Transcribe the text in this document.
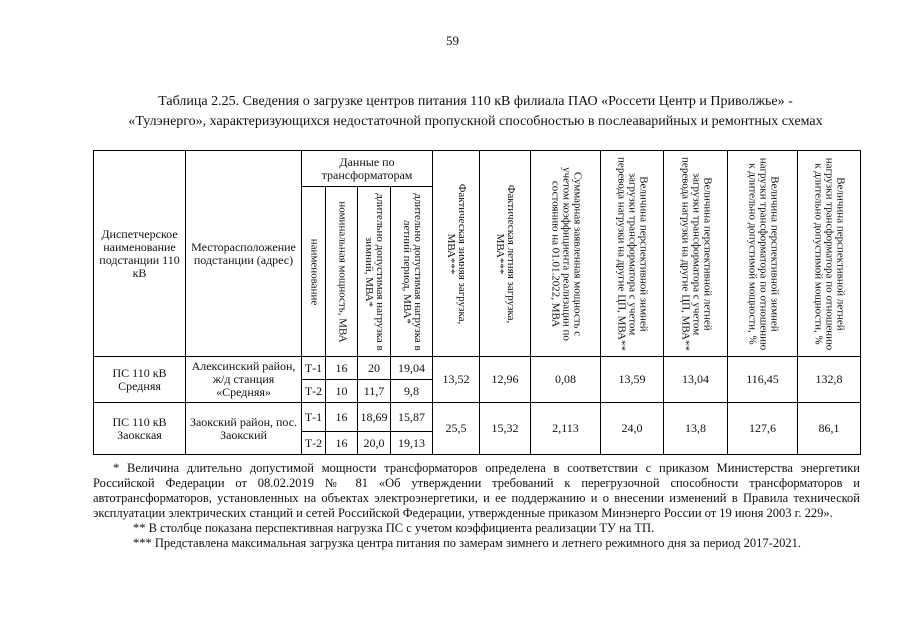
59
Таблица 2.25. Сведения о загрузке центров питания 110 кВ филиала ПАО «Россети Центр и Приволжье» -
«Тулэнерго», характеризующихся недостаточной пропускной способностью в послеаварийных и ремонтных схемах
Диспетчерское наименование подстанции 110 кВ	Месторасположение подстанции (адрес)	Данные по трансформаторам				Фактическая зимняя загрузка, МВА***	Фактическая летняя загрузка, МВА***	Суммарная заявленная мощность с учетом коэффициента реализации по состоянию на 01.01.2022, МВА	Величина перспективной зимней загрузки трансформатора с учетом перевода нагрузки на другие ЦП, МВА**	Величина перспективной летней загрузки трансформатора с учетом перевода нагрузки на другие ЦП, МВА**	Величина перспективной зимней нагрузки трансформатора по отношению к длительно допустимой мощности, %	Величина перспективной летней нагрузки трансформатора по отношению к длительно допустимой мощности, %

		наименование	номинальная мощность, МВА	длительно допустимая нагрузка в зимний, МВА*	длительно допустимая нагрузка в летний период, МВА*							

ПС 110 кВ Средняя	Алексинский район, ж/д станция «Средняя»	Т-1	16	20	19,04	13,52	12,96	0,08	13,59	13,04	116,45	132,8
		Т-2	10	11,7	9,8							

ПС 110 кВ Заокская	Заокский район, пос. Заокский	Т-1	16	18,69	15,87	25,5	15,32	2,113	24,0	13,8	127,6	86,1
		Т-2	16	20,0	19,13							

* Величина длительно допустимой мощности трансформаторов определена в соответствии с приказом Министерства энергетики Российской Федерации от 08.02.2019 № 81 «Об утверждении требований к перегрузочной способности трансформаторов и автотрансформаторов, установленных на объектах электроэнергетики, и ее поддержанию и о внесении изменений в Правила технической эксплуатации электрических станций и сетей Российской Федерации, утвержденные приказом Минэнерго России от 19 июня 2003 г. 229».

** В столбце показана перспективная нагрузка ПС с учетом коэффициента реализации ТУ на ТП.

*** Представлена максимальная загрузка центра питания по замерам зимнего и летнего режимного дня за период 2017-2021.
